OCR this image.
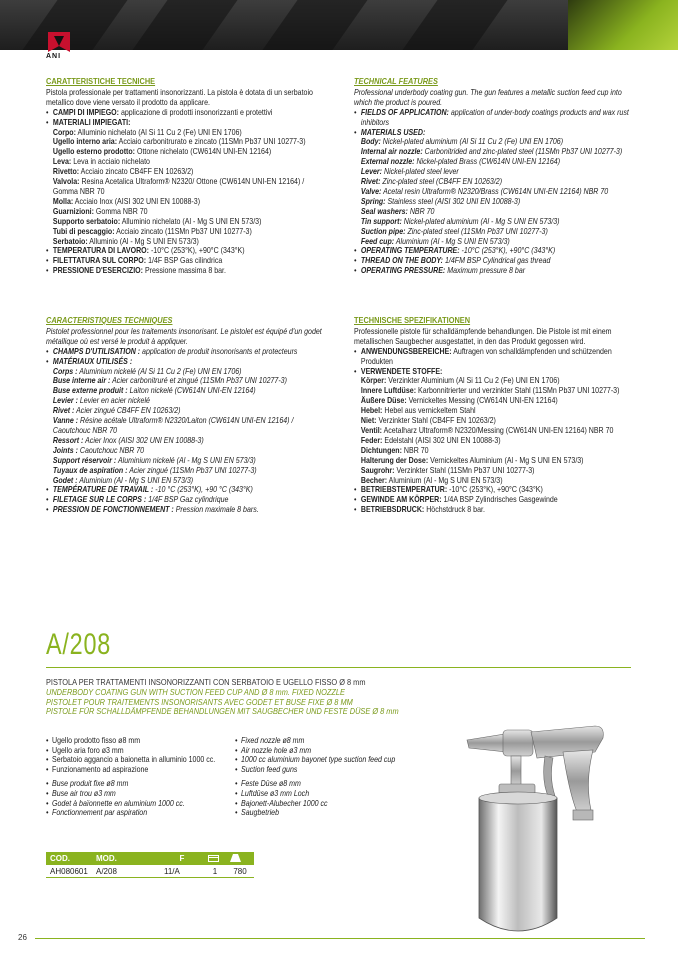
ANI
CARATTERISTICHE TECNICHE

Pistola professionale per trattamenti insonorizzanti. La pistola è dotata di un serbatoio metallico dove viene versato il prodotto da applicare.

• CAMPI DI IMPIEGO: applicazione di prodotti insonorizzanti e protettivi
• MATERIALI IMPIEGATI:
Corpo: Alluminio nichelato (Al Si 11 Cu 2 (Fe) UNI EN 1706)
Ugello interno aria: Acciaio carbonitrurato e zincato (11SMn Pb37 UNI 10277-3)
Ugello esterno prodotto: Ottone nichelato (CW614N UNI-EN 12164)
Leva: Leva in acciaio nichelato
Rivetto: Acciaio zincato CB4FF EN 10263/2)
Valvola: Resina Acetalica Ultraform® N2320/ Ottone (CW614N UNI-EN 12164) / Gomma NBR 70
Molla: Acciaio Inox (AISI 302 UNI EN 10088-3)
Guarnizioni: Gomma NBR 70
Supporto serbatoio: Alluminio nichelato (Al - Mg S UNI EN 573/3)
Tubi di pescaggio: Acciaio zincato (11SMn Pb37 UNI 10277-3)
Serbatoio: Alluminio (Al - Mg S UNI EN 573/3)
• TEMPERATURA DI LAVORO: -10°C (253°K), +90°C (343°K)
• FILETTATURA SUL CORPO: 1/4F BSP Gas cilindrica
• PRESSIONE D'ESERCIZIO: Pressione massima 8 bar.
TECHNICAL FEATURES

Professional underbody coating gun. The gun features a metallic suction feed cup into which the product is poured.

• FIELDS OF APPLICATION: application of under-body coatings products and wax rust inhibitors
• MATERIALS USED:
Body: Nickel-plated aluminium (Al Si 11 Cu 2 (Fe) UNI EN 1706)
Internal air nozzle: Carbonitrided and zinc-plated steel (11SMn Pb37 UNI 10277-3)
External nozzle: Nickel-plated Brass (CW614N UNI-EN 12164)
Lever: Nickel-plated steel lever
Rivet: Zinc-plated steel (CB4FF EN 10263/2)
Valve: Acetal resin Ultraform® N2320/Brass (CW614N UNI-EN 12164) NBR 70
Spring: Stainless steel (AISI 302 UNI EN 10088-3)
Seal washers: NBR 70
Tin support: Nickel-plated aluminium (Al - Mg S UNI EN 573/3)
Suction pipe: Zinc-plated steel (11SMn Pb37 UNI 10277-3)
Feed cup: Aluminium (Al - Mg S UNI EN 573/3)
• OPERATING TEMPERATURE: -10°C (253°K), +90°C (343°K)
• THREAD ON THE BODY: 1/4FM BSP Cylindrical gas thread
• OPERATING PRESSURE: Maximum pressure 8 bar
CARACTERISTIQUES TECHNIQUES

Pistolet professionnel pour les traitements insonorisant. Le pistolet est équipé d'un godet métallique où est versé le produit à appliquer.

• CHAMPS D'UTILISATION : application de produit insonorisants et protecteurs
• MATÉRIAUX UTILISÉS :
Corps : Aluminium nickelé (Al Si 11 Cu 2 (Fe) UNI EN 1706)
Buse interne air : Acier carbonitruré et zingué (11SMn Pb37 UNI 10277-3)
Buse externe produit : Laiton nickelé (CW614N UNI-EN 12164)
Levier : Levier en acier nickelé
Rivet : Acier zingué CB4FF EN 10263/2)
Vanne : Résine acétale Ultraform® N2320/Laiton (CW614N UNI-EN 12164) / Caoutchouc NBR 70
Ressort : Acier Inox (AISI 302 UNI EN 10088-3)
Joints : Caoutchouc NBR 70
Support réservoir : Aluminium nickelé (Al - Mg S UNI EN 573/3)
Tuyaux de aspiration : Acier zingué (11SMn Pb37 UNI 10277-3)
Godet : Aluminium (Al - Mg S UNI EN 573/3)
• TEMPÉRATURE DE TRAVAIL : -10 °C (253°K), +90 °C (343°K)
• FILETAGE SUR LE CORPS : 1/4F BSP Gaz cylindrique
• PRESSION DE FONCTIONNEMENT : Pression maximale 8 bars.
TECHNISCHE SPEZIFIKATIONEN

Professionelle pistole für schalldämpfende behandlungen. Die Pistole ist mit einem metallischen Saugbecher ausgestattet, in den das Produkt gegossen wird.

• ANWENDUNGSBEREICHE: Auftragen von schalldämpfenden und schützenden Produkten
• VERWENDETE STOFFE:
Körper: Verzinkter Aluminium (Al Si 11 Cu 2 (Fe) UNI EN 1706)
Innere Luftdüse: Karbonnitrierter und verzinkter Stahl (11SMn Pb37 UNI 10277-3)
Äußere Düse: Vernickeltes Messing (CW614N UNI-EN 12164)
Hebel: Hebel aus vernickeltem Stahl
Niet: Verzinkter Stahl (CB4FF EN 10263/2)
Ventil: Acetalharz Ultraform® N2320/Messing (CW614N UNI-EN 12164) NBR 70
Feder: Edelstahl (AISI 302 UNI EN 10088-3)
Dichtungen: NBR 70
Halterung der Dose: Vernickeltes Aluminium (Al - Mg S UNI EN 573/3)
Saugrohr: Verzinkter Stahl (11SMn Pb37 UNI 10277-3)
Becher: Aluminium (Al - Mg S UNI EN 573/3)
• BETRIEBSTEMPERATUR: -10°C (253°K), +90°C (343°K)
• GEWINDE AM KÖRPER: 1/4A BSP Zylindrisches Gasgewinde
• BETRIEBSDRUCK: Höchstdruck 8 bar.
A/208
PISTOLA PER TRATTAMENTI INSONORIZZANTI CON SERBATOIO E UGELLO FISSO Ø 8 mm
UNDERBODY COATING GUN WITH SUCTION FEED CUP AND Ø 8 mm. FIXED NOZZLE
PISTOLET POUR TRAITEMENTS INSONORISANTS AVEC GODET ET BUSE FIXE Ø 8 MM
PISTOLE FÜR SCHALLDÄMPFENDE BEHANDLUNGEN MIT SAUGBECHER UND FESTE DÜSE Ø 8 mm
• Ugello prodotto fisso ø8 mm
• Ugello aria foro ø3 mm
• Serbatoio aggancio a baionetta in alluminio 1000 cc.
• Funzionamento ad aspirazione
• Buse produit fixe ø8 mm
• Buse air trou ø3 mm
• Godet à baïonnette en aluminium 1000 cc.
• Fonctionnement par aspiration
• Fixed nozzle ø8 mm
• Air nozzle hole ø3 mm
• 1000 cc aluminium bayonet type suction feed cup
• Suction feed guns
• Feste Düse ø8 mm
• Luftdüse ø3 mm Loch
• Bajonett-Alubecher 1000 cc
• Saugbetrieb
COD.	MOD.	F		
AH080601	A/208	11/A	1	780
26
